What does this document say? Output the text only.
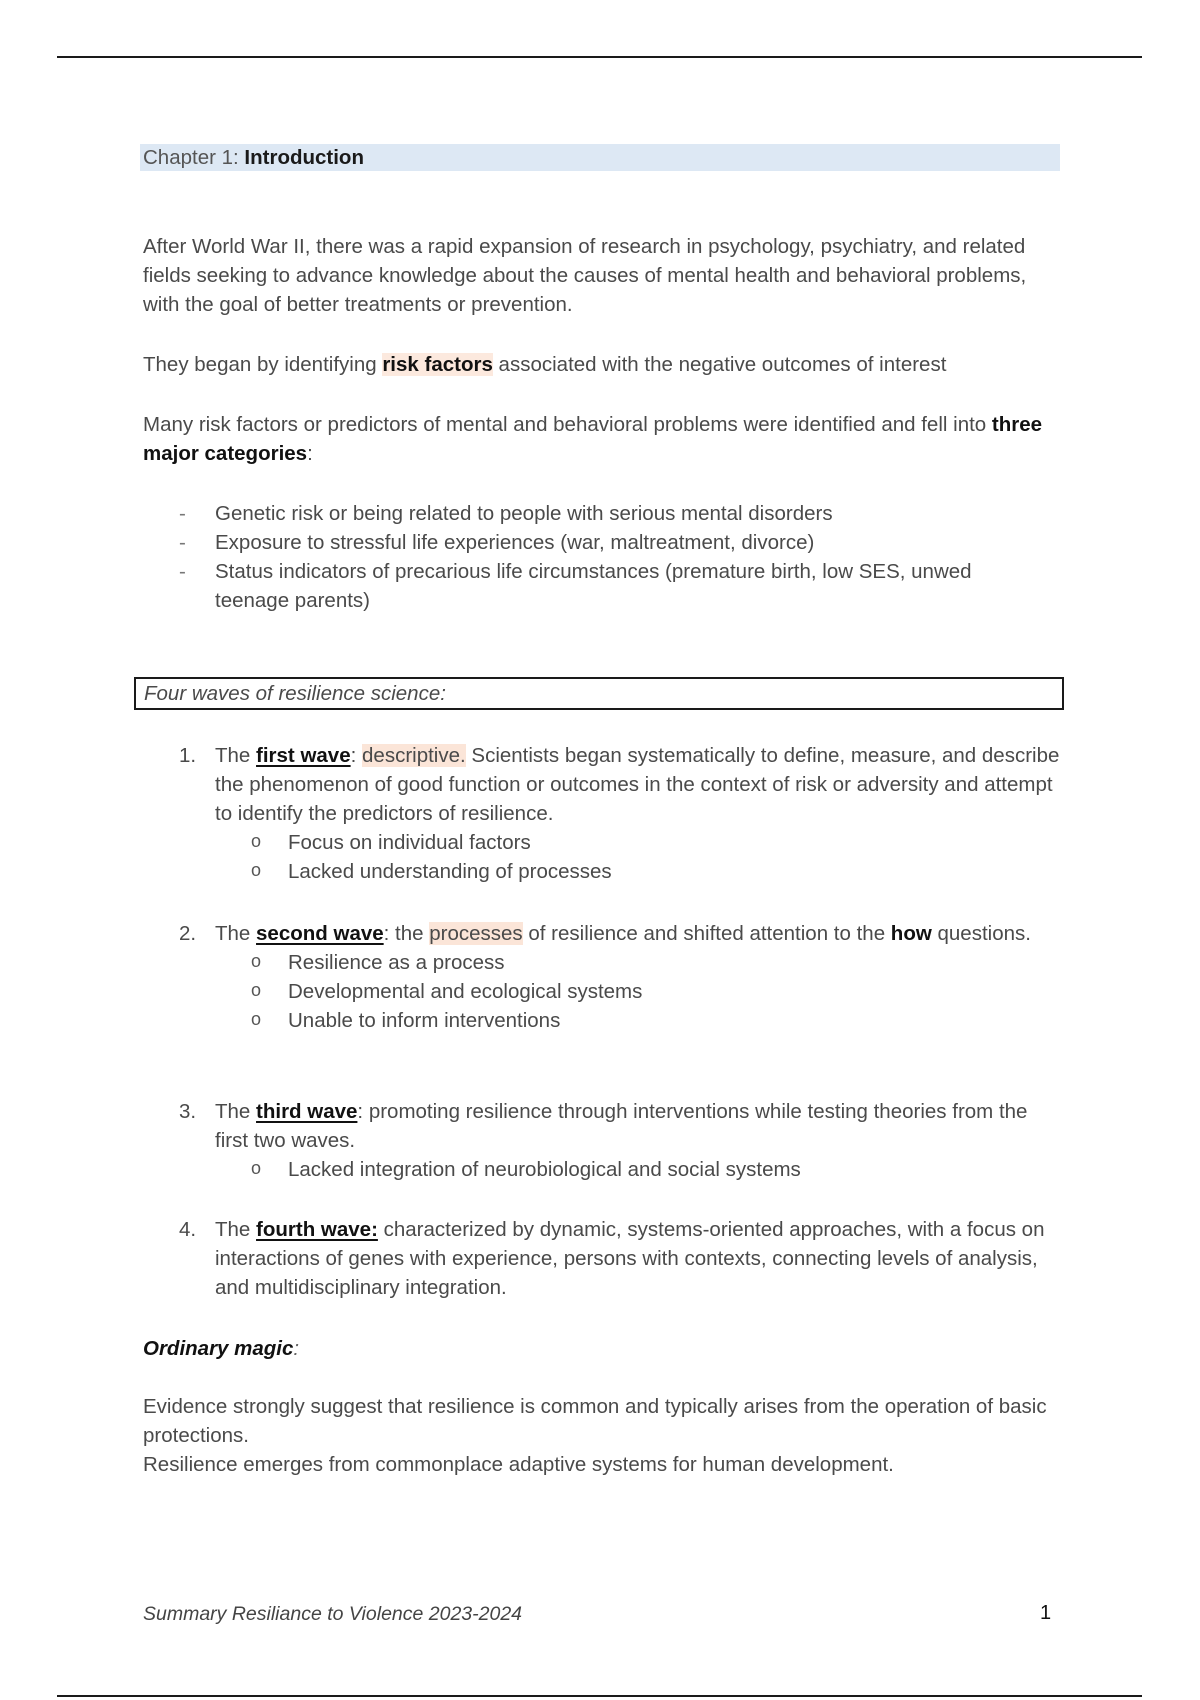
Chapter 1: Introduction
After World War II, there was a rapid expansion of research in psychology, psychiatry, and related fields seeking to advance knowledge about the causes of mental health and behavioral problems, with the goal of better treatments or prevention.
They began by identifying risk factors associated with the negative outcomes of interest
Many risk factors or predictors of mental and behavioral problems were identified and fell into three major categories:
- Genetic risk or being related to people with serious mental disorders
- Exposure to stressful life experiences (war, maltreatment, divorce)
- Status indicators of precarious life circumstances (premature birth, low SES, unwed teenage parents)
1. The first wave: descriptive. Scientists began systematically to define, measure, and describe the phenomenon of good function or outcomes in the context of risk or adversity and attempt to identify the predictors of resilience.
o Focus on individual factors
o Lacked understanding of processes
2. The second wave: the processes of resilience and shifted attention to the how questions.
o Resilience as a process
o Developmental and ecological systems
o Unable to inform interventions
3. The third wave: promoting resilience through interventions while testing theories from the first two waves.
o Lacked integration of neurobiological and social systems
4. The fourth wave: characterized by dynamic, systems-oriented approaches, with a focus on interactions of genes with experience, persons with contexts, connecting levels of analysis, and multidisciplinary integration.
Ordinary magic:
Evidence strongly suggest that resilience is common and typically arises from the operation of basic protections.
Resilience emerges from commonplace adaptive systems for human development.
Four waves of resilience science:
Summary Resiliance to Violence 2023-2024	1
